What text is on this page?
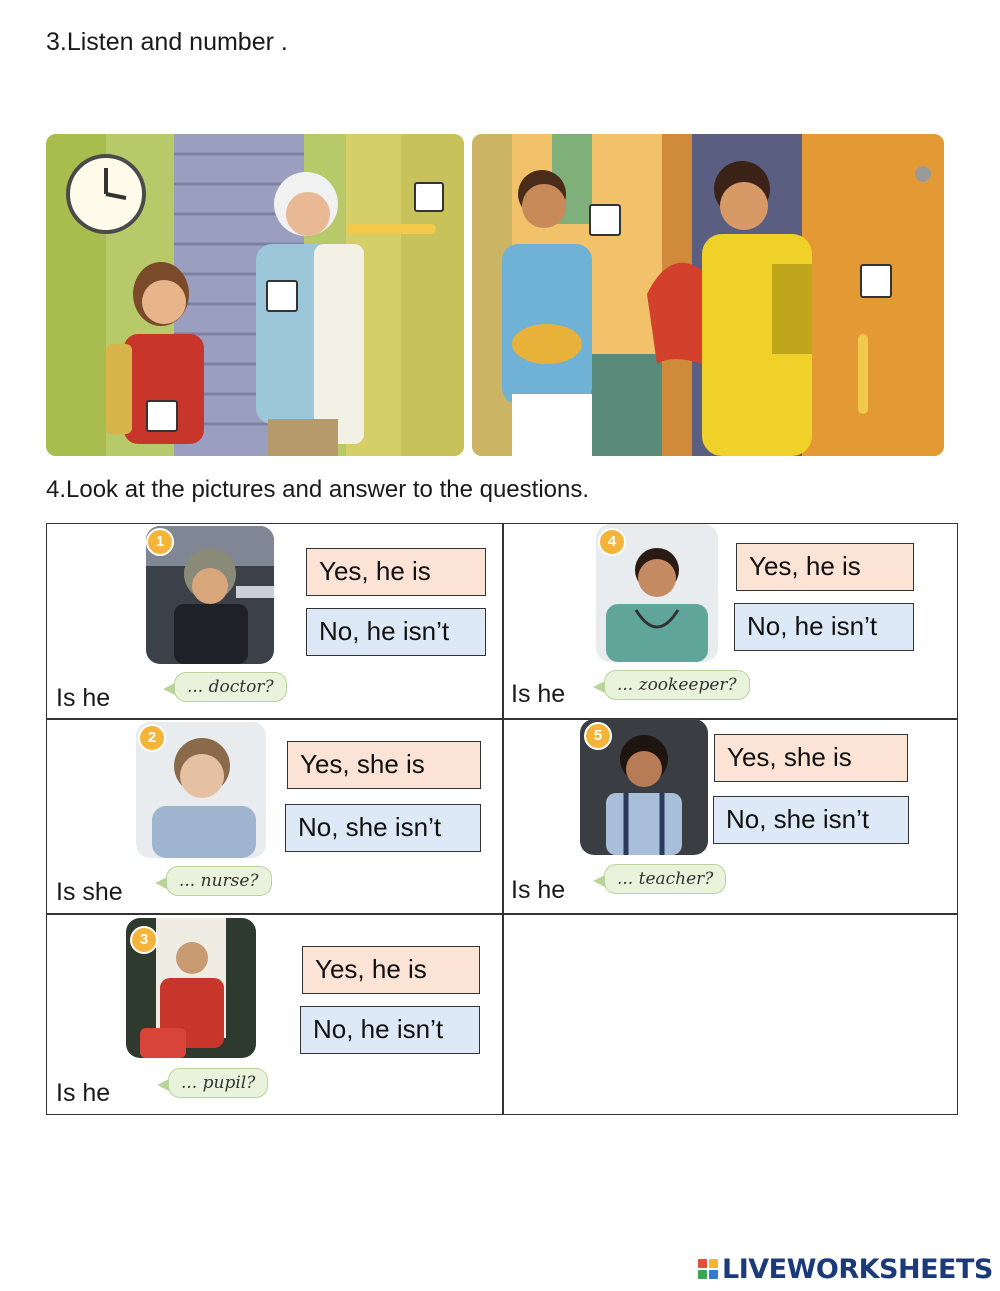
3.Listen and number .
4.Look at the pictures and answer to the questions.
1
... doctor?
Is he
Yes, he is
No, he isn’t
4
... zookeeper?
Is he
Yes, he is
No, he isn’t
2
... nurse?
Is she
Yes, she is
No, she isn’t
5
... teacher?
Is he
Yes, she is
No, she isn’t
3
... pupil?
Is he
Yes, he is
No, he isn’t
LIVEWORKSHEETS
